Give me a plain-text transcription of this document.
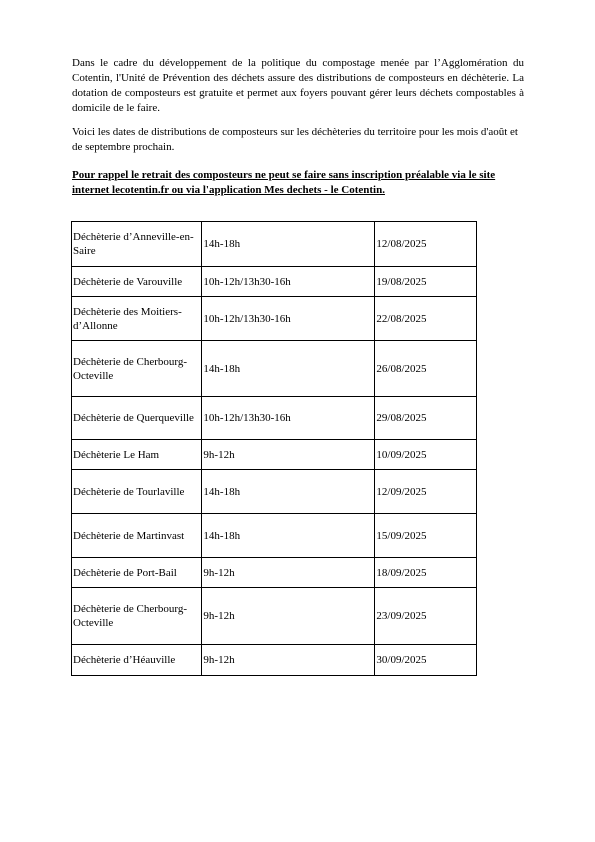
Dans le cadre du développement de la politique du compostage menée par l’Agglomération du Cotentin, l'Unité de Prévention des déchets assure des distributions de composteurs en déchèterie. La dotation de composteurs est gratuite et permet aux foyers pouvant gérer leurs déchets compostables à domicile de le faire.

Voici les dates de distributions de composteurs sur les déchèteries du territoire pour les mois d'août et de septembre prochain.

Pour rappel le retrait des composteurs ne peut se faire sans inscription préalable via le site internet lecotentin.fr ou via l'application Mes dechets - le Cotentin.

Déchèterie d’Anneville-en-Saire	14h-18h	12/08/2025
Déchèterie de Varouville	10h-12h/13h30-16h	19/08/2025
Déchèterie des Moitiers-d’Allonne	10h-12h/13h30-16h	22/08/2025
Déchèterie de Cherbourg-Octeville	14h-18h	26/08/2025
Déchèterie de Querqueville	10h-12h/13h30-16h	29/08/2025
Déchèterie Le Ham	9h-12h	10/09/2025
Déchèterie de Tourlaville	14h-18h	12/09/2025
Déchèterie de Martinvast	14h-18h	15/09/2025
Déchèterie de Port-Bail	9h-12h	18/09/2025
Déchèterie de Cherbourg-Octeville	9h-12h	23/09/2025
Déchèterie d’Héauville	9h-12h	30/09/2025
